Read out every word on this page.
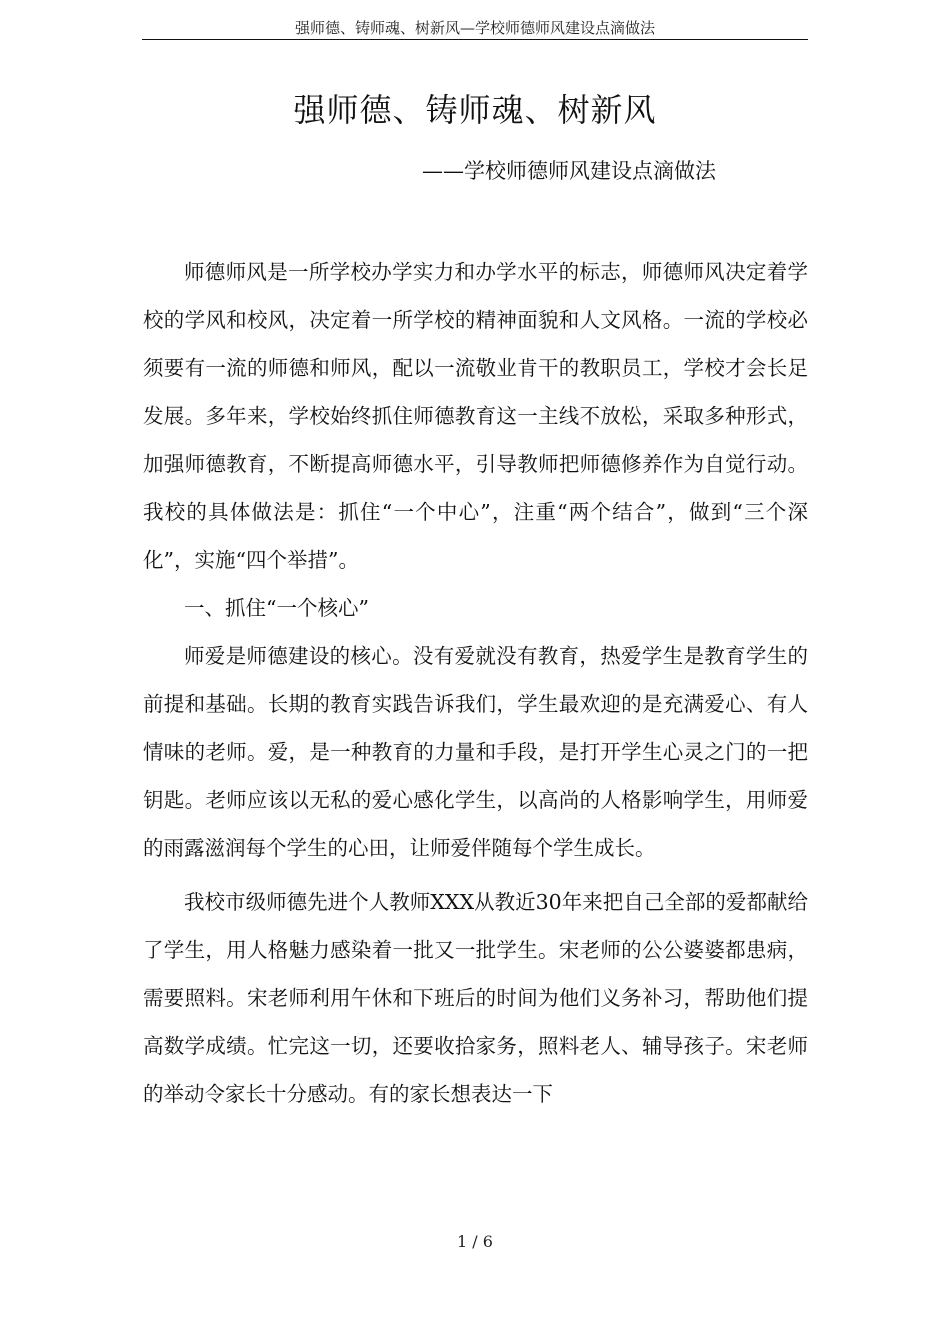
强师德、铸师魂、树新风—学校师德师风建设点滴做法
强师德、铸师魂、树新风

——学校师德师风建设点滴做法

师德师风是一所学校办学实力和办学水平的标志，师德师风决定着学校的学风和校风，决定着一所学校的精神面貌和人文风格。一流的学校必须要有一流的师德和师风，配以一流敬业肯干的教职员工，学校才会长足发展。多年来，学校始终抓住师德教育这一主线不放松，采取多种形式，加强师德教育，不断提高师德水平，引导教师把师德修养作为自觉行动。我校的具体做法是：抓住“一个中心”，注重“两个结合”，做到“三个深化”，实施“四个举措”。

一、抓住“一个核心”

师爱是师德建设的核心。没有爱就没有教育，热爱学生是教育学生的前提和基础。长期的教育实践告诉我们，学生最欢迎的是充满爱心、有人情味的老师。爱，是一种教育的力量和手段，是打开学生心灵之门的一把钥匙。老师应该以无私的爱心感化学生，以高尚的人格影响学生，用师爱的雨露滋润每个学生的心田，让师爱伴随每个学生成长。

我校市级师德先进个人教师XXX从教近30年来把自己全部的爱都献给了学生，用人格魅力感染着一批又一批学生。宋老师的公公婆婆都患病，需要照料。宋老师利用午休和下班后的时间为他们义务补习，帮助他们提高数学成绩。忙完这一切，还要收拾家务，照料老人、辅导孩子。宋老师的举动令家长十分感动。有的家长想表达一下

1 / 6
